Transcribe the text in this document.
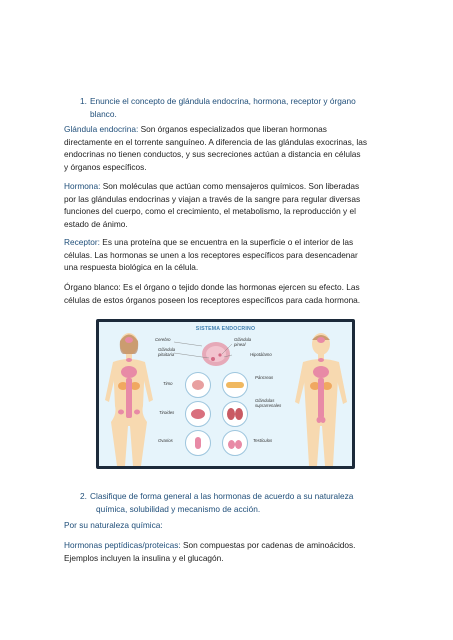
1. Enuncie el concepto de glándula endocrina, hormona, receptor y órgano
blanco.
Glándula endocrina: Son órganos especializados que liberan hormonas
directamente en el torrente sanguíneo. A diferencia de las glándulas exocrinas, las
endocrinas no tienen conductos, y sus secreciones actúan a distancia en células
y órganos específicos.
Hormona: Son moléculas que actúan como mensajeros químicos. Son liberadas
por las glándulas endocrinas y viajan a través de la sangre para regular diversas
funciones del cuerpo, como el crecimiento, el metabolismo, la reproducción y el
estado de ánimo.
Receptor: Es una proteína que se encuentra en la superficie o el interior de las
células. Las hormonas se unen a los receptores específicos para desencadenar
una respuesta biológica en la célula.
Órgano blanco: Es el órgano o tejido donde las hormonas ejercen su efecto. Las
células de estos órganos poseen los receptores específicos para cada hormona.
SISTEMA ENDOCRINO
Cerebro
Glándula
pituitaria
Glándula
pineal
Hipotálamo
Páncreas
Timo
Glándulas
suprarrenales
Tiroides
Ovarios	Testículos
2. Clasifique de forma general a las hormonas de acuerdo a su naturaleza
química, solubilidad y mecanismo de acción.
Por su naturaleza química:
Hormonas peptídicas/proteicas: Son compuestas por cadenas de aminoácidos.
Ejemplos incluyen la insulina y el glucagón.
